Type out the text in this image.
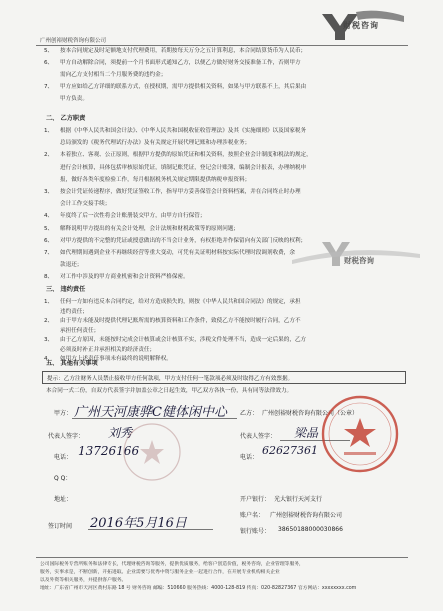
广州创裕财税咨询有限公司
财税咨询
5、 按本合同规定及时足额地支付代理费用，若期按每天万分之五计算利息，本合同结算货币为人民币；
6、 甲方自动解除合同，须提前一个月书面形式通知乙方，以便乙方做好财务交接准备工作，否则甲方
需向乙方支付相当二个月服务费的违约金；
7、 甲方应如给乙方详细的联系方式，在授权期，需甲方提供相关资料，如果与甲方联系不上，其后果由
甲方负责。
二、 乙方职责
1、 根据《中华人民共和国会计法》、《中华人民共和国税收征收管理法》及其《实施细则》以及国家税务
总局颁发的《税务代理试行办法》及有关规定开展代理记账和办理涉税业务；
2、 本着独立、客观、公正原则，根据甲方提供的原始凭证和相关资料，按照企业会计制度和税法的规定，
进行会计核算，具体包括审核原始凭证，填制记账凭证，登记会计账簿，编制会计报表，办理纳税申
报，做好各类年度检验工作，每月根据税务机关规定期限提供纳税申报资料；
3、 按会计凭证传递程序，做好凭证签收工作，指导甲方妥善保管会计资料档案，并在合同终止时办理
会计工作交接手续；
4、 年度终了后一次性将会计账册装交甲方，由甲方自行保管；
5、 解释说明甲方提出的有关会计处理，会计法规和财税政策等的原则问题；
6、 对甲方提供的不完整的凭证或授意做出的不当会计业务，有权拒绝并作保留向有关部门反映的权利；
7、 如代理期间遇到企业不再继续经营等重大变动，可凭有关证明材料按实际代理时段调剂收费，余
款退还；
8、 对工作中涉及的甲方商业机密和会计资料严格保密。
财税咨询
三、 违约责任
1、 任何一方如有违反本合同约定，给对方造成损失的，则按《中华人民共和国合同法》的规定，承担
违约责任；
2、 由于甲方未能及时提供代理记账所需的核算资料和工作条件，致使乙方不能按时履行合同，乙方不
承担任何责任；
3、 由于乙方原因，未能按时完成会计核算或会计核算不实，涉税文件处理不当，造成一定后果的，乙方
必须及时补正并承担相关的经济责任；
4、 如甲方上述责任事项未有最终的说明解释权。
五、 其他有关事项
提示：乙方注财务人员禁止接收甲方任何款项，甲方支付任何一笔款项必须及时取得乙方有效票据。
本合同一式二份，自双方代表签字并加盖公章之日起生效，甲乙双方各执一份，具有同等法律效力。
甲方： 广州天河康骅C健体闲中心
代表人签字： 刘秀
电话： 13726166
Q Q：
地址：
签订时间 2016年5月16日
乙方： 广州创裕财税咨询有限公司（公章）
代表人签字： 梁晶
电话：
62627361
开户银行： 光大银行天河支行
账户名： 广州创裕财税咨询有限公司
银行账号： 38650188000030866
公司国际税务专营所账务和法律专长，代理财税咨询等服务，提供优质服务，给客户创造价值，税务咨询，企业管理等服务，
服务，实事求是，不断创新，开拓进取。企业需要与优秀中资与服务企业一起进行合作，在开展专业机构相关企业
以及外资等相关服务，并提供客户服务。
地址：广东省广州市天河区黄村东路 18 号 财务咨询 邮编：510660 服务热线：4000-128-819 传真：020-82827367 官方网站：xxxxxxxx.com
